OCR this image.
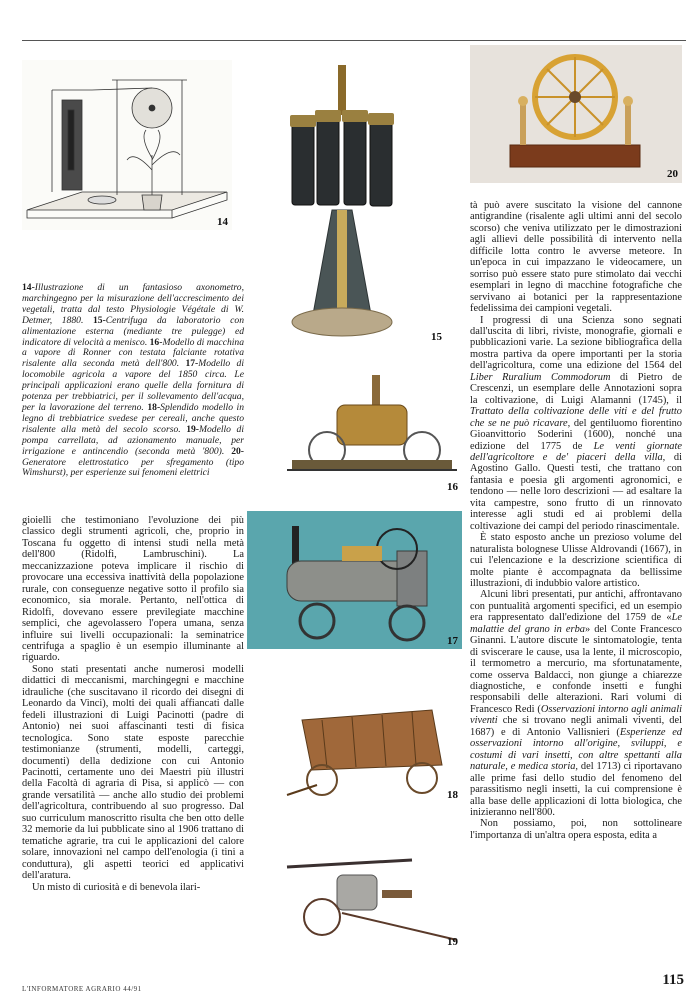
14
15
20
16
17
18
19

14-Illustrazione di un fantasioso axonometro, marchingegno per la misurazione dell'accrescimento dei vegetali, tratta dal testo Physiologie Végétale di W. Detmer, 1880. 15-Centrifuga da laboratorio con alimentazione esterna (mediante tre pulegge) ed indicatore di velocità a menisco. 16-Modello di macchina a vapore di Ronner con testata falciante rotativa risalente alla seconda metà dell'800. 17-Modello di locomobile agricola a vapore del 1850 circa. Le principali applicazioni erano quelle della fornitura di potenza per trebbiatrici, per il sollevamento dell'acqua, per la lavorazione del terreno. 18-Splendido modello in legno di trebbiatrice svedese per cereali, anche questo risalente alla metà del secolo scorso. 19-Modello di pompa carrellata, ad azionamento manuale, per irrigazione e antincendio (seconda metà '800). 20-Generatore elettrostatico per sfregamento (tipo Wimshurst), per esperienze sui fenomeni elettrici

gioielli che testimoniano l'evoluzione dei più classico degli strumenti agricoli, che, proprio in Toscana fu oggetto di intensi studi nella metà dell'800 (Ridolfi, Lambruschini). La meccanizzazione poteva implicare il rischio di provocare una eccessiva inattività della popolazione rurale, con conseguenze negative sotto il profilo sia economico, sia morale. Pertanto, nell'ottica di Ridolfi, dovevano essere previlegiate macchine semplici, che agevolassero l'opera umana, senza influire sui livelli occupazionali: la seminatrice centrifuga a spaglio è un esempio illuminante al riguardo.

Sono stati presentati anche numerosi modelli didattici di meccanismi, marchingegni e macchine idrauliche (che suscitavano il ricordo dei disegni di Leonardo da Vinci), molti dei quali affiancati dalle fedeli illustrazioni di Luigi Pacinotti (padre di Antonio) nei suoi affascinanti testi di fisica tecnologica. Sono state esposte parecchie testimonianze (strumenti, modelli, carteggi, documenti) della dedizione con cui Antonio Pacinotti, certamente uno dei Maestri più illustri della Facoltà di agraria di Pisa, si applicò — con grande versatilità — anche allo studio dei problemi dell'agricoltura, contribuendo al suo progresso. Dal suo curriculum manoscritto risulta che ben otto delle 32 memorie da lui pubblicate sino al 1906 trattano di tematiche agrarie, tra cui le applicazioni del calore solare, innovazioni nel campo dell'enologia (i tini a conduttura), gli aspetti teorici ed applicativi dell'aratura.

Un misto di curiosità e di benevola ilari-

tà può avere suscitato la visione del cannone antigrandine (risalente agli ultimi anni del secolo scorso) che veniva utilizzato per le dimostrazioni agli allievi delle possibilità di intervento nella difficile lotta contro le avverse meteore. In un'epoca in cui impazzano le videocamere, un sorriso può essere stato pure stimolato dai vecchi esemplari in legno di macchine fotografiche che servivano ai botanici per la rappresentazione fedelissima dei campioni vegetali.

I progressi di una Scienza sono segnati dall'uscita di libri, riviste, monografie, giornali e pubblicazioni varie. La sezione bibliografica della mostra partiva da opere importanti per la storia dell'agricoltura, come una edizione del 1564 del Liber Ruralium Commodorum di Pietro de Crescenzi, un esemplare delle Annotazioni sopra la coltivazione, di Luigi Alamanni (1745), il Trattato della coltivazione delle viti e del frutto che se ne può ricavare, del gentiluomo fiorentino Gioanvittorio Soderini (1600), nonché una edizione del 1775 de Le venti giornate dell'agricoltore e de' piaceri della villa, di Agostino Gallo. Questi testi, che trattano con fantasia e poesia gli argomenti agronomici, e tendono — nelle loro descrizioni — ad esaltare la vita campestre, sono frutto di un rinnovato interesse agli studi ed ai problemi della coltivazione dei campi del periodo rinascimentale.

È stato esposto anche un prezioso volume del naturalista bolognese Ulisse Aldrovandi (1667), in cui l'elencazione e la descrizione scientifica di molte piante è accompagnata da bellissime illustrazioni, di indubbio valore artistico.

Alcuni libri presentati, pur antichi, affrontavano con puntualità argomenti specifici, ed un esempio era rappresentato dall'edizione del 1759 de «Le malattie del grano in erba» del Conte Francesco Ginanni. L'autore discute le sintomatologie, tenta di sviscerare le cause, usa la lente, il microscopio, il termometro a mercurio, ma sfortunatamente, come osserva Baldacci, non giunge a chiarezze diagnostiche, e confonde insetti e funghi responsabili delle alterazioni. Rari volumi di Francesco Redi (Osservazioni intorno agli animali viventi che si trovano negli animali viventi, del 1687) e di Antonio Vallisnieri (Esperienze ed osservazioni intorno all'origine, sviluppi, e costumi di vari insetti, con altre spettanti alla naturale, e medica storia, del 1713) ci riportavano alle prime fasi dello studio del fenomeno del parassitismo negli insetti, la cui comprensione è alla base delle applicazioni di lotta biologica, che inizieranno nell'800.

Non possiamo, poi, non sottolineare l'importanza di un'altra opera esposta, edita a

L'INFORMATORE AGRARIO 44/91
115
